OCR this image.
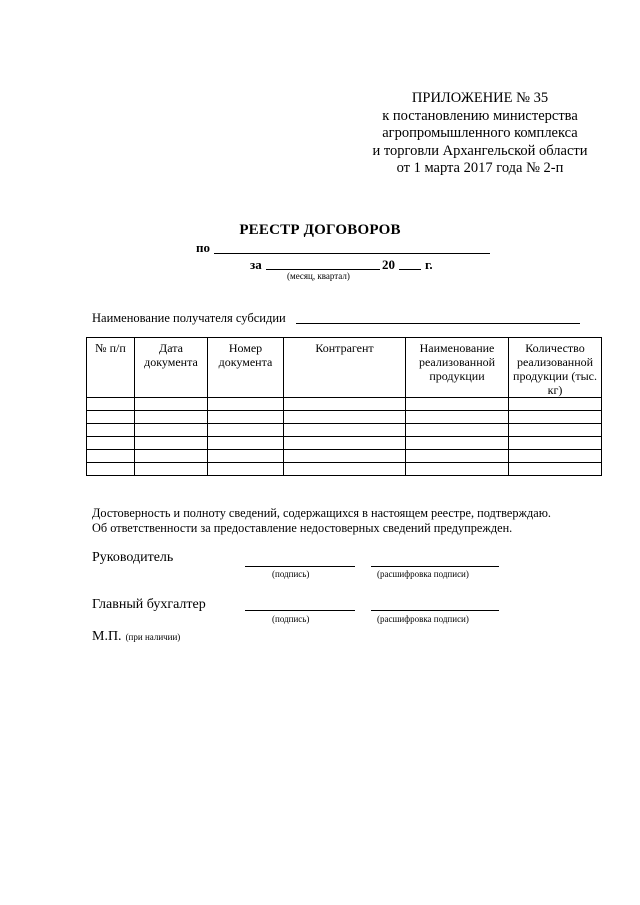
ПРИЛОЖЕНИЕ № 35
к постановлению министерства
агропромышленного комплекса
и торговли Архангельской области
от 1 марта 2017 года № 2-п
РЕЕСТР ДОГОВОРОВ
по
за	20 г.
(месяц, квартал)
Наименование получателя субсидии
№ п/п	Дата документа	Номер документа	Контрагент	Наименование реализованной продукции	Количество реализованной продукции (тыс. кг)

Достоверность и полноту сведений, содержащихся в настоящем реестре, подтверждаю.
Об ответственности за предоставление недостоверных сведений предупрежден.
Руководитель
(подпись)	(расшифровка подписи)
Главный бухгалтер
(подпись)	(расшифровка подписи)
М.П. (при наличии)
